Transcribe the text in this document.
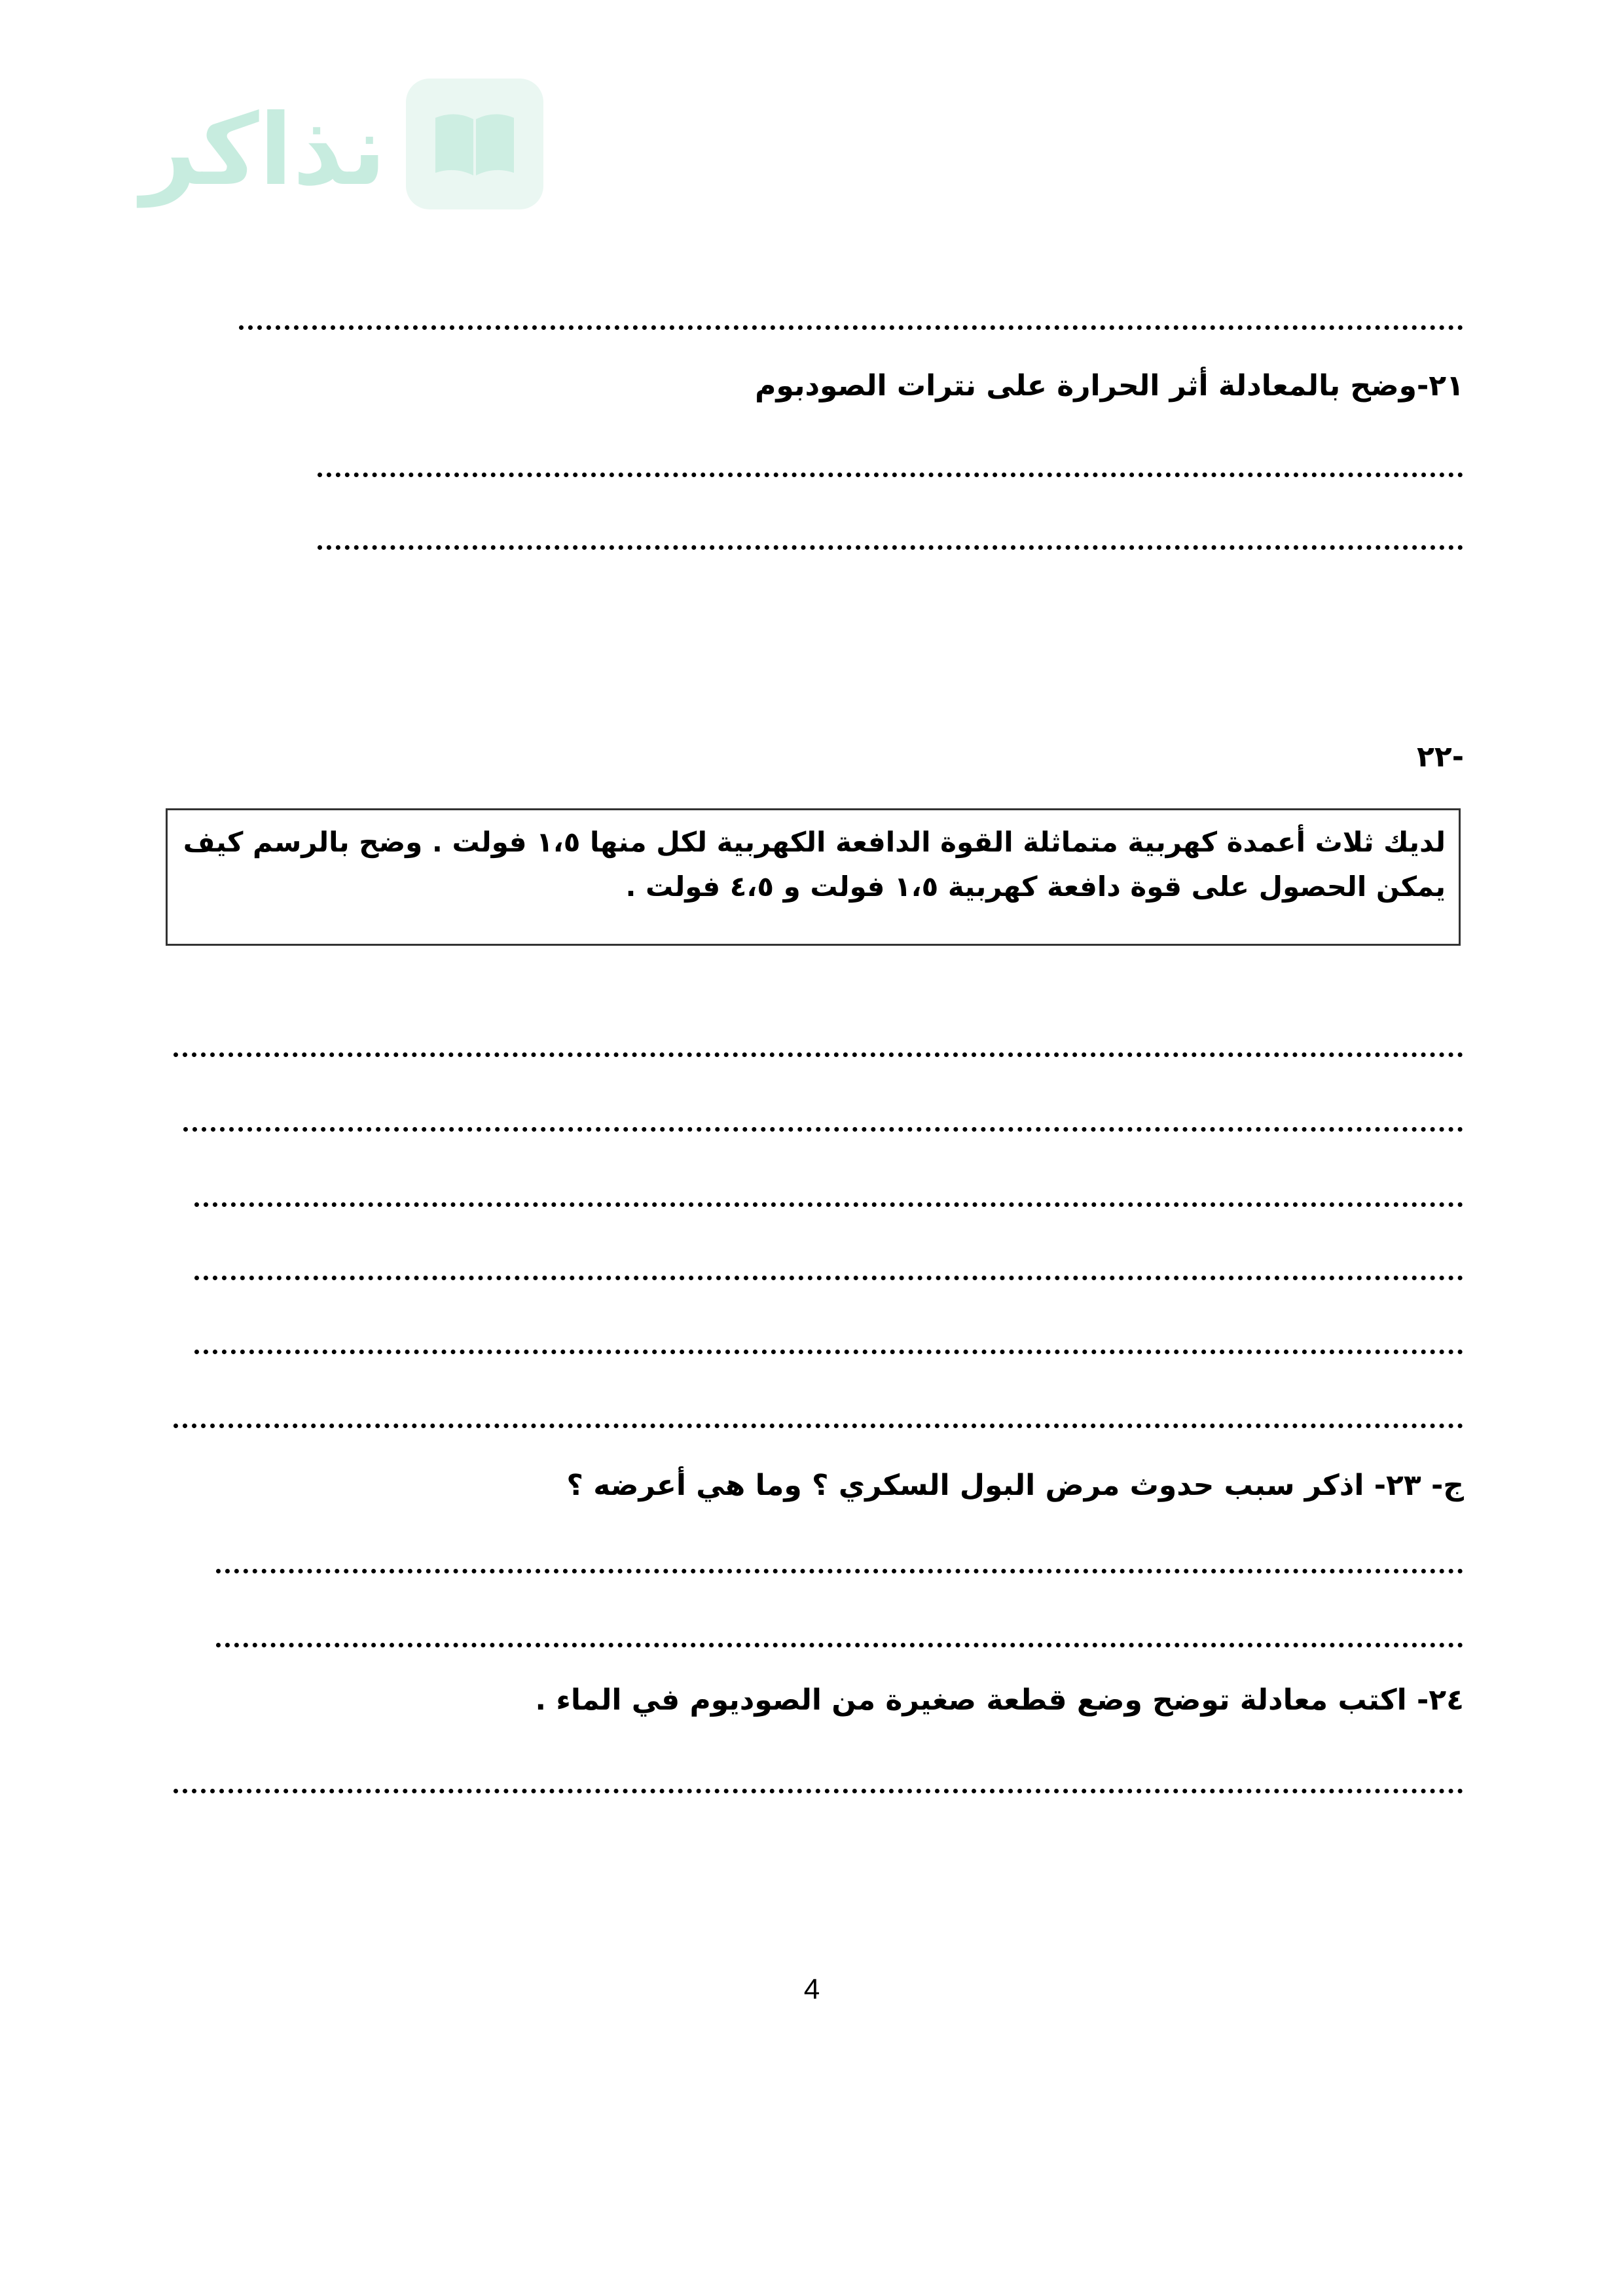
نذاكر
٢١-وضح بالمعادلة أثر الحرارة على نترات الصودبوم
-٢٢
لديك ثلاث أعمدة كهربية متماثلة القوة الدافعة الكهربية لكل منها ١،٥ فولت . وضح بالرسم كيف
يمكن الحصول على قوة دافعة كهربية ١،٥ فولت و ٤،٥ فولت .
ج- ٢٣- اذكر سبب حدوث مرض البول السكري ؟ وما هي أعرضه ؟
٢٤- اكتب معادلة توضح وضع قطعة صغيرة من الصوديوم في الماء .
4
